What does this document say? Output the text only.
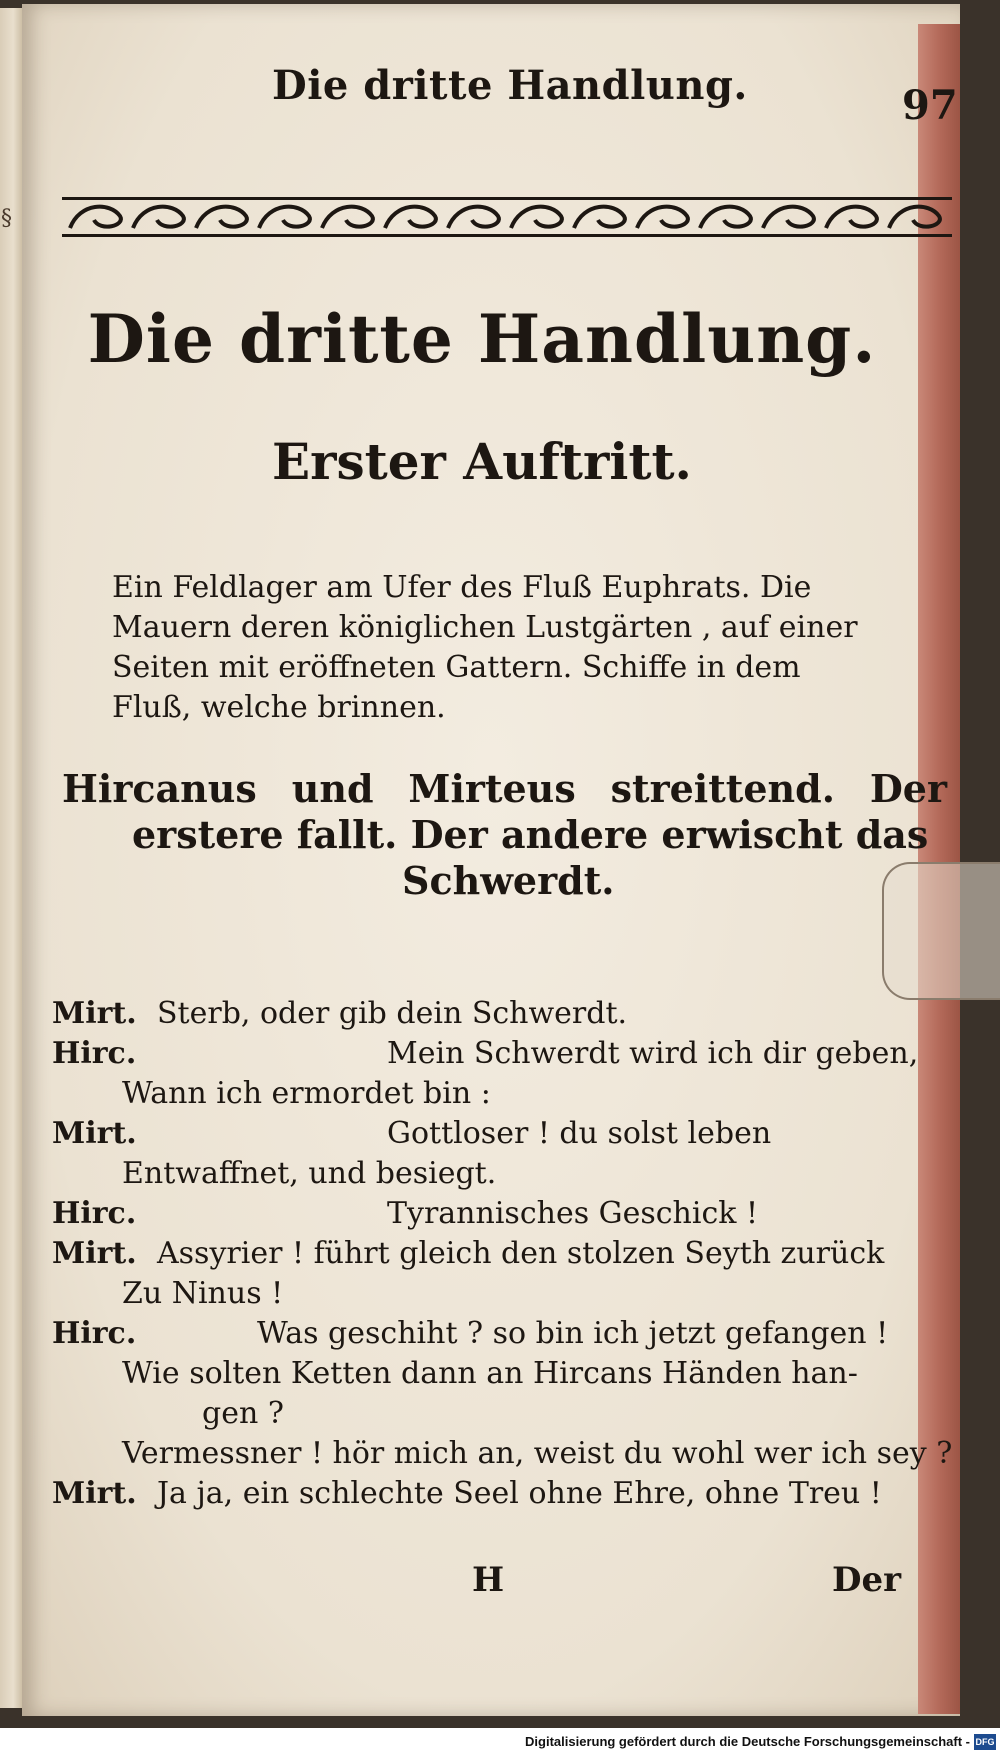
§
Die dritte Handlung.	97
Die dritte Handlung.
Erster Auftritt.
Ein Feldlager am Ufer des Fluß Euphrats. Die
Mauern deren königlichen Lustgärten , auf einer
Seiten mit eröffneten Gattern. Schiffe in dem
Fluß, welche brinnen.
Hircanus und Mirteus streittend. Der
erstere fallt. Der andere erwischt das
Schwerdt.
Mirt. Sterb, oder gib dein Schwerdt.
Hirc.	Mein Schwerdt wird ich dir geben,
Wann ich ermordet bin :
Mirt.	Gottloser ! du solst leben
Entwaffnet, und besiegt.
Hirc.	Tyrannisches Geschick !
Mirt. Assyrier ! führt gleich den stolzen Seyth zurück
Zu Ninus !
Hirc.	Was geschiht ? so bin ich jetzt gefangen !
Wie solten Ketten dann an Hircans Händen han-
gen ?
Vermessner ! hör mich an, weist du wohl wer ich sey ?
Mirt. Ja ja, ein schlechte Seel ohne Ehre, ohne Treu !
H	Der
Digitalisierung gefördert durch die Deutsche Forschungsgemeinschaft - DFG
